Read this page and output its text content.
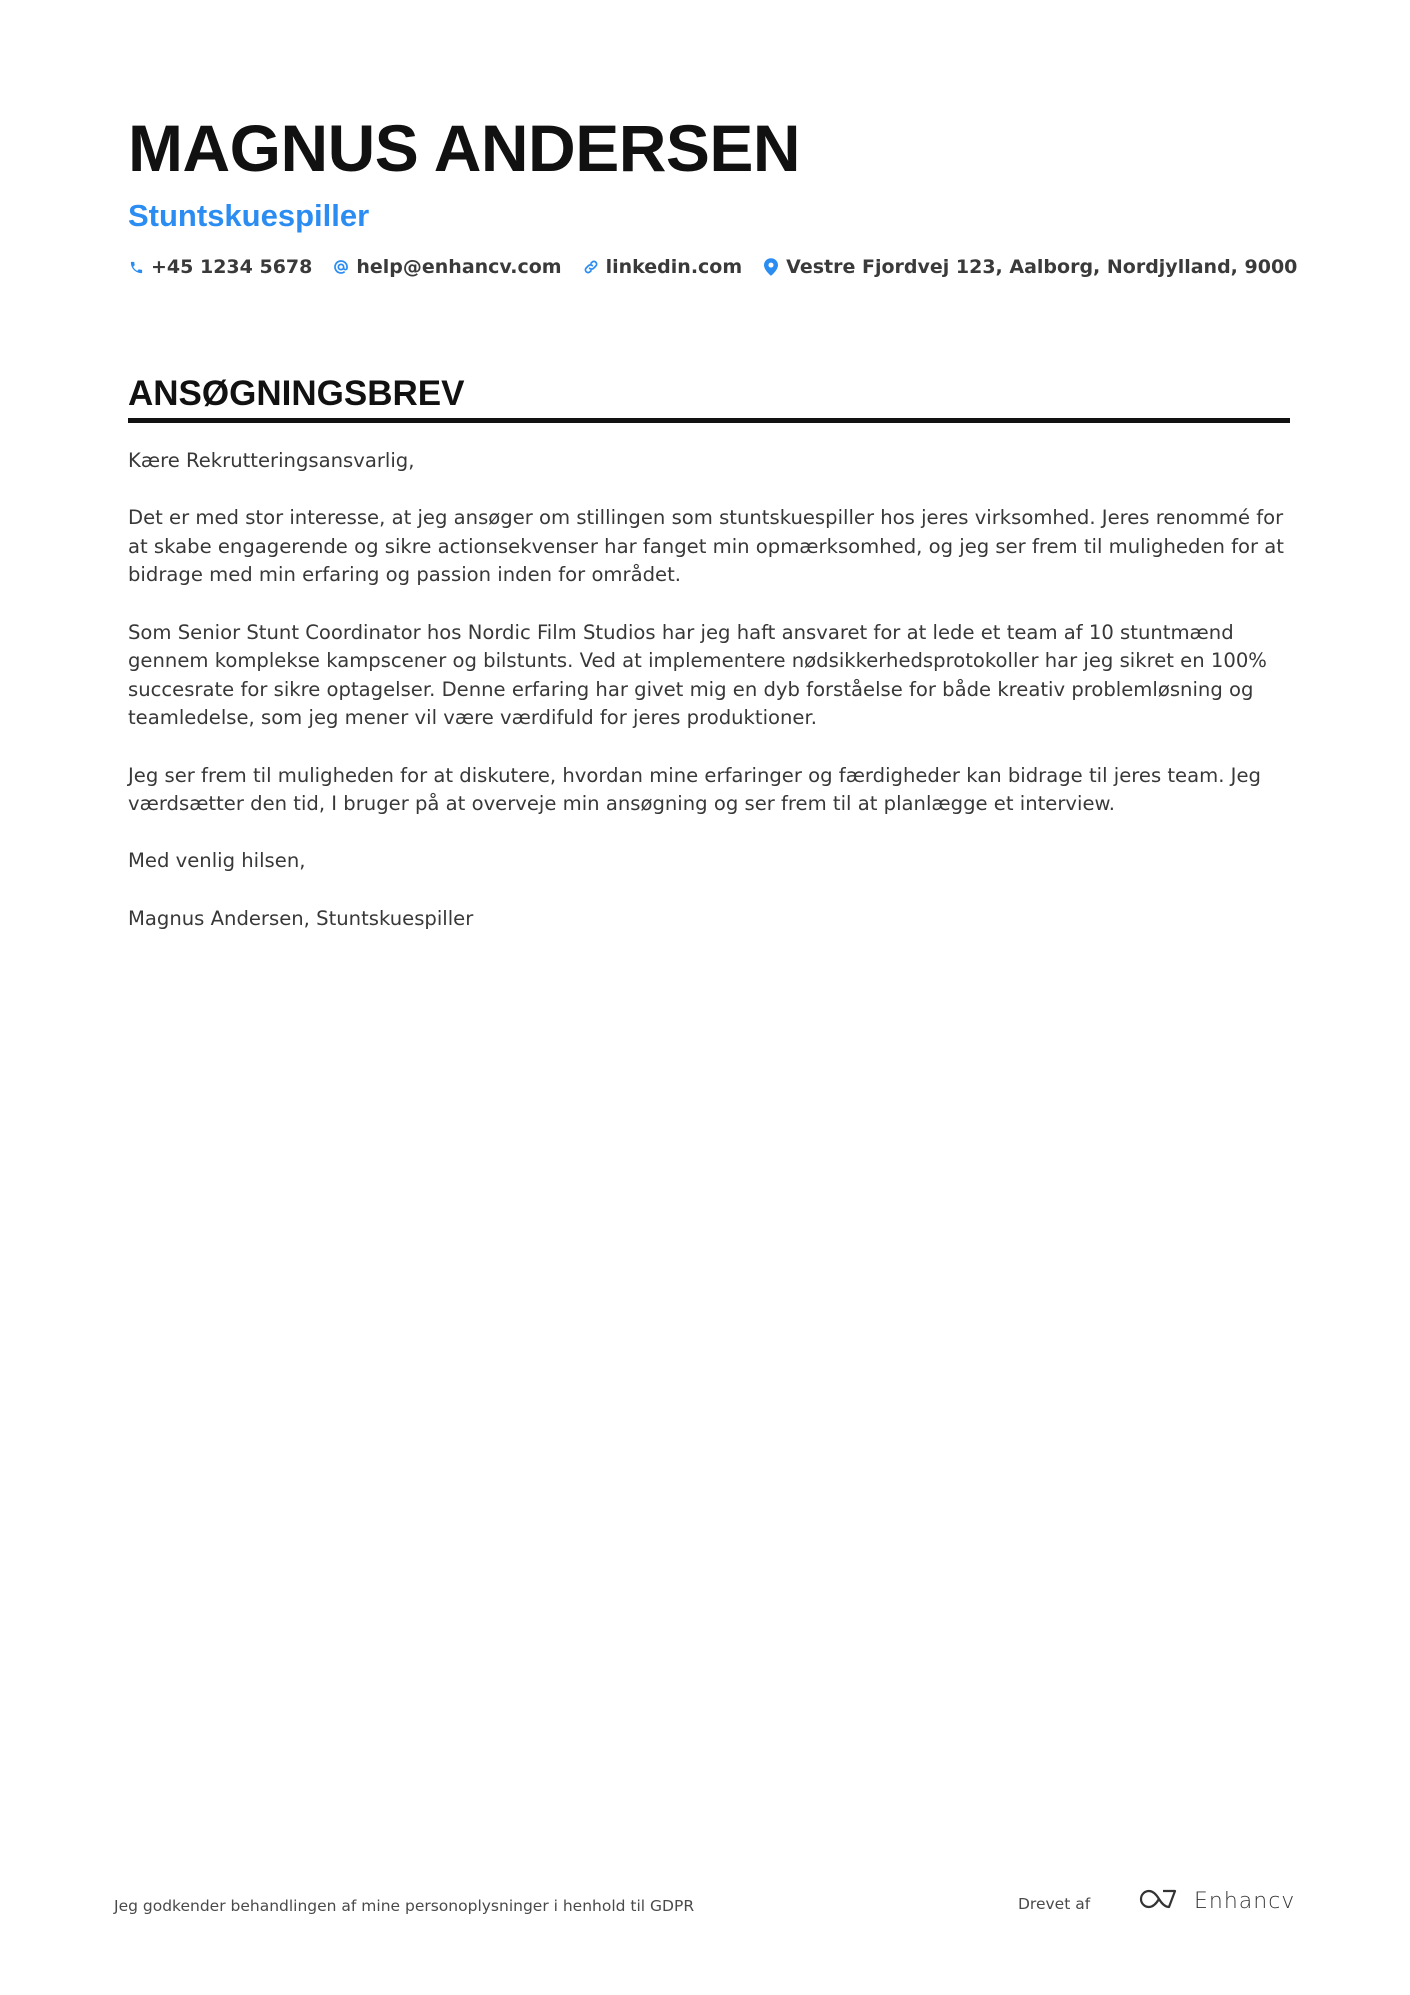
MAGNUS ANDERSEN
Stuntskuespiller
+45 1234 5678 help@enhancv.com linkedin.com Vestre Fjordvej 123, Aalborg, Nordjylland, 9000
ANSØGNINGSBREV

Kære Rekrutteringsansvarlig,

Det er med stor interesse, at jeg ansøger om stillingen som stuntskuespiller hos jeres virksomhed. Jeres renommé for at skabe engagerende og sikre actionsekvenser har fanget min opmærksomhed, og jeg ser frem til muligheden for at bidrage med min erfaring og passion inden for området.

Som Senior Stunt Coordinator hos Nordic Film Studios har jeg haft ansvaret for at lede et team af 10 stuntmænd gennem komplekse kampscener og bilstunts. Ved at implementere nødsikkerhedsprotokoller har jeg sikret en 100% succesrate for sikre optagelser. Denne erfaring har givet mig en dyb forståelse for både kreativ problemløsning og teamledelse, som jeg mener vil være værdifuld for jeres produktioner.

Jeg ser frem til muligheden for at diskutere, hvordan mine erfaringer og færdigheder kan bidrage til jeres team. Jeg værdsætter den tid, I bruger på at overveje min ansøgning og ser frem til at planlægge et interview.

Med venlig hilsen,

Magnus Andersen, Stuntskuespiller

Jeg godkender behandlingen af mine personoplysninger i henhold til GDPR	Drevet af	Enhancv
